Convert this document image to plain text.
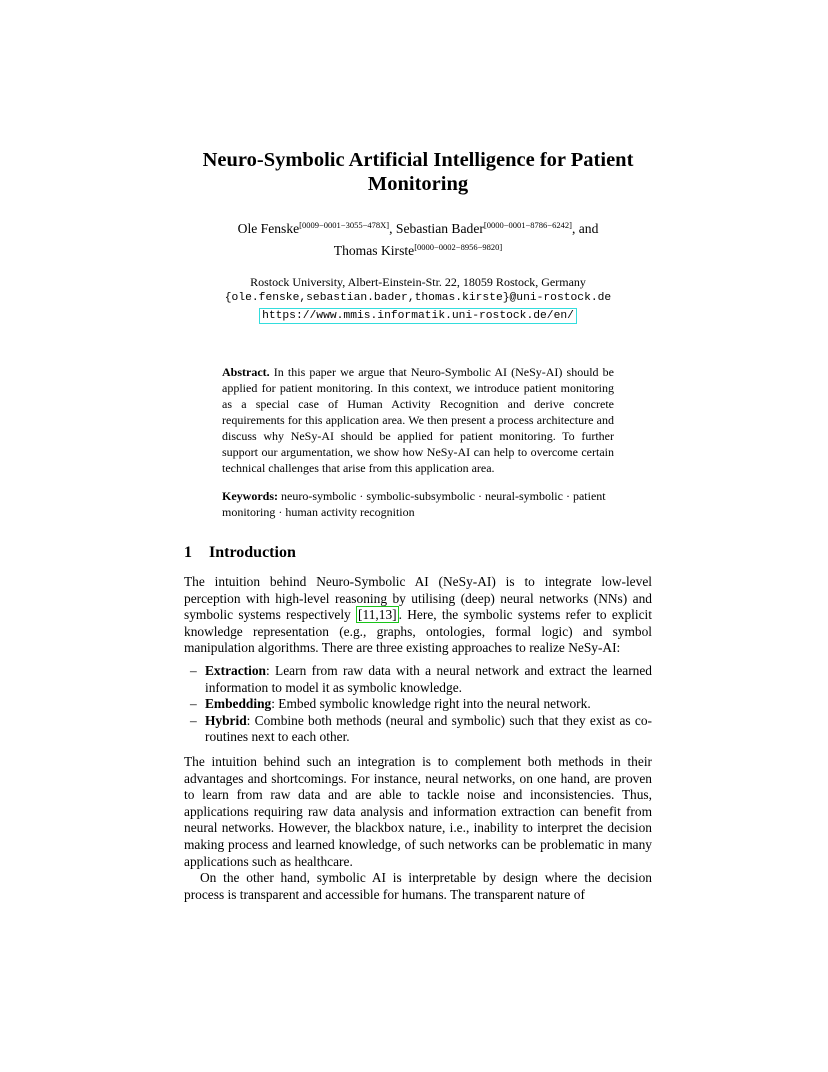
Neuro-Symbolic Artificial Intelligence for Patient
Monitoring
Ole Fenske[0009−0001−3055−478X], Sebastian Bader[0000−0001−8786−6242], and
Thomas Kirste[0000−0002−8956−9820]
Rostock University, Albert-Einstein-Str. 22, 18059 Rostock, Germany
{ole.fenske,sebastian.bader,thomas.kirste}@uni-rostock.de
https://www.mmis.informatik.uni-rostock.de/en/
Abstract. In this paper we argue that Neuro-Symbolic AI (NeSy-AI) should be applied for patient monitoring. In this context, we introduce patient monitoring as a special case of Human Activity Recognition and derive concrete requirements for this application area. We then present a process architecture and discuss why NeSy-AI should be applied for patient monitoring. To further support our argumentation, we show how NeSy-AI can help to overcome certain technical challenges that arise from this application area.
Keywords: neuro-symbolic · symbolic-subsymbolic · neural-symbolic · patient monitoring · human activity recognition
1 Introduction

The intuition behind Neuro-Symbolic AI (NeSy-AI) is to integrate low-level perception with high-level reasoning by utilising (deep) neural networks (NNs) and symbolic systems respectively [11,13] . Here, the symbolic systems refer to explicit knowledge representation (e.g., graphs, ontologies, formal logic) and symbol manipulation algorithms. There are three existing approaches to realize NeSy-AI:

– Extraction: Learn from raw data with a neural network and extract the learned information to model it as symbolic knowledge.
– Embedding: Embed symbolic knowledge right into the neural network.
– Hybrid: Combine both methods (neural and symbolic) such that they exist as co-routines next to each other.

The intuition behind such an integration is to complement both methods in their advantages and shortcomings. For instance, neural networks, on one hand, are proven to learn from raw data and are able to tackle noise and inconsistencies. Thus, applications requiring raw data analysis and information extraction can benefit from neural networks. However, the blackbox nature, i.e., inability to interpret the decision making process and learned knowledge, of such networks can be problematic in many applications such as healthcare.

On the other hand, symbolic AI is interpretable by design where the decision process is transparent and accessible for humans. The transparent nature of
